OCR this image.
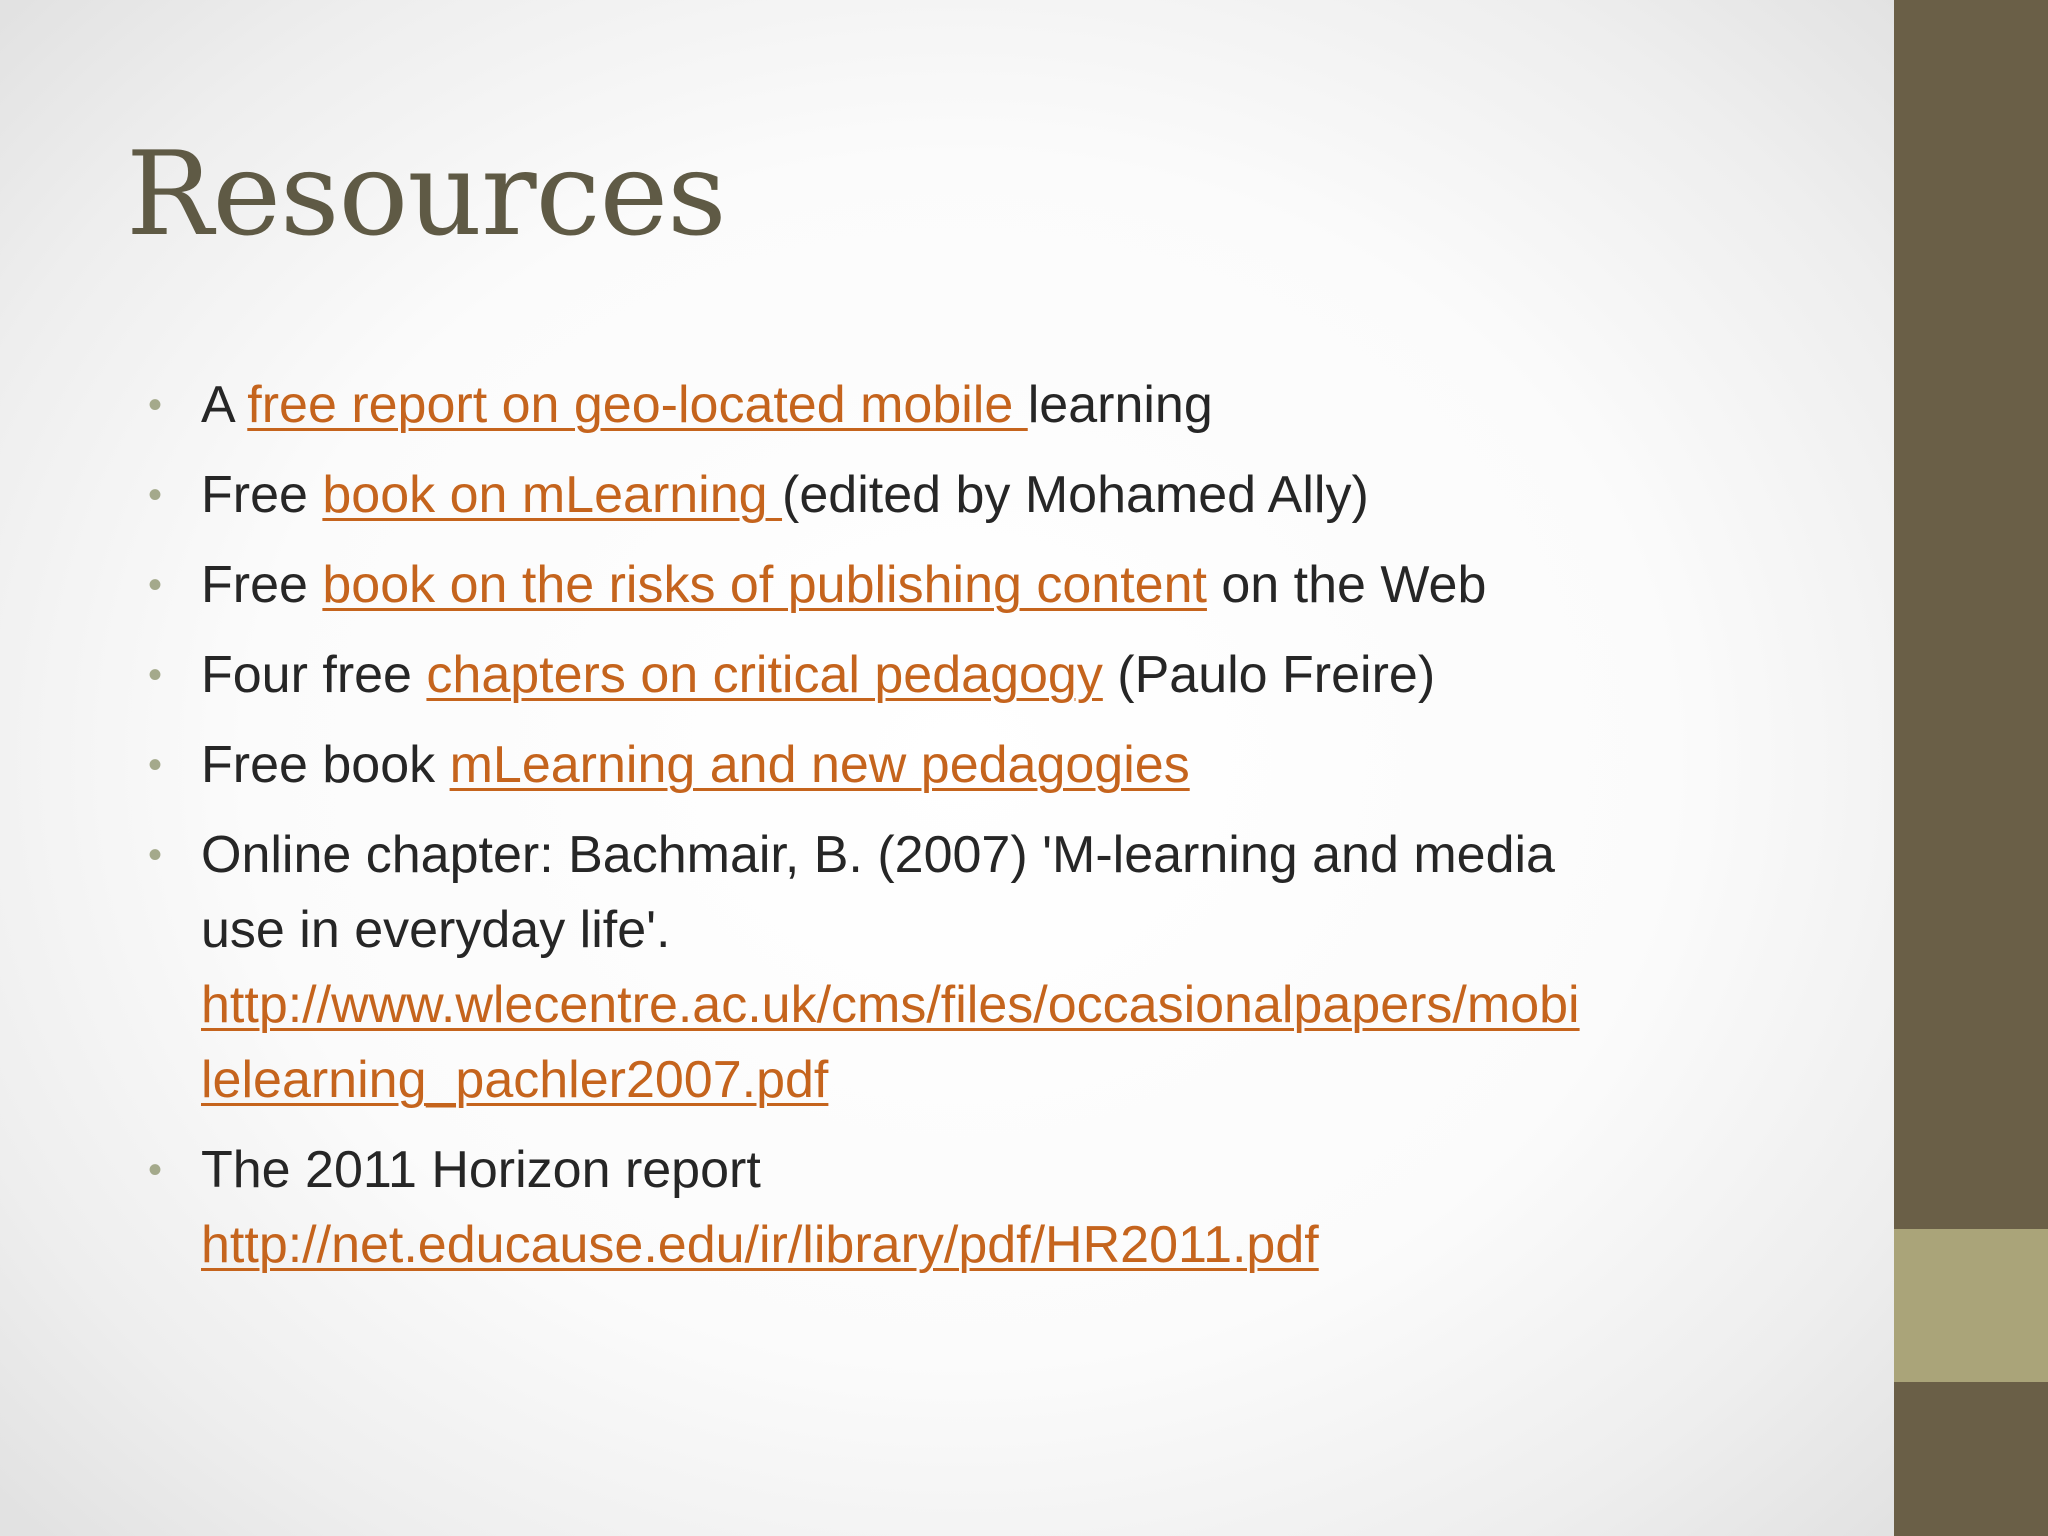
Resources
• A free report on geo-located mobile learning
• Free book on mLearning (edited by Mohamed Ally)
• Free book on the risks of publishing content on the Web
• Four free chapters on critical pedagogy (Paulo Freire)
• Free book mLearning and new pedagogies
• Online chapter: Bachmair, B. (2007) 'M-learning and media
use in everyday life'.
http://www.wlecentre.ac.uk/cms/files/occasionalpapers/mobi
lelearning_pachler2007.pdf
• The 2011 Horizon report
http://net.educause.edu/ir/library/pdf/HR2011.pdf
